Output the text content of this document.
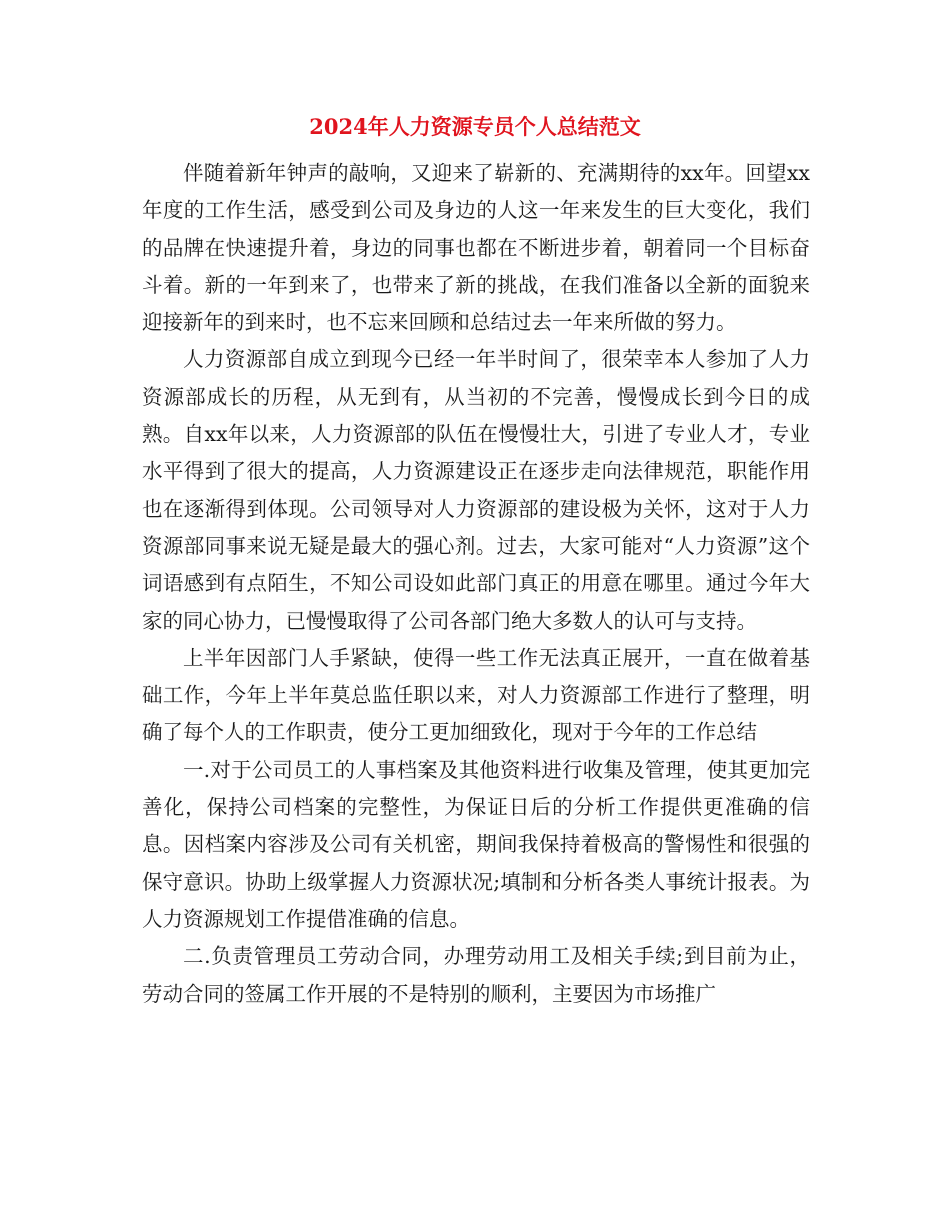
2024年人力资源专员个人总结范文

伴随着新年钟声的敲响，又迎来了崭新的、充满期待的xx年。回望xx年度的工作生活，感受到公司及身边的人这一年来发生的巨大变化，我们的品牌在快速提升着，身边的同事也都在不断进步着，朝着同一个目标奋斗着。新的一年到来了，也带来了新的挑战，在我们准备以全新的面貌来迎接新年的到来时，也不忘来回顾和总结过去一年来所做的努力。

人力资源部自成立到现今已经一年半时间了，很荣幸本人参加了人力资源部成长的历程，从无到有，从当初的不完善，慢慢成长到今日的成熟。自xx年以来，人力资源部的队伍在慢慢壮大，引进了专业人才，专业水平得到了很大的提高，人力资源建设正在逐步走向法律规范，职能作用也在逐渐得到体现。公司领导对人力资源部的建设极为关怀，这对于人力资源部同事来说无疑是最大的强心剂。过去，大家可能对“人力资源”这个词语感到有点陌生，不知公司设如此部门真正的用意在哪里。通过今年大家的同心协力，已慢慢取得了公司各部门绝大多数人的认可与支持。

上半年因部门人手紧缺，使得一些工作无法真正展开，一直在做着基础工作，今年上半年莫总监任职以来，对人力资源部工作进行了整理，明确了每个人的工作职责，使分工更加细致化，现对于今年的工作总结

一.对于公司员工的人事档案及其他资料进行收集及管理，使其更加完善化，保持公司档案的完整性，为保证日后的分析工作提供更准确的信息。因档案内容涉及公司有关机密，期间我保持着极高的警惕性和很强的保守意识。协助上级掌握人力资源状况;填制和分析各类人事统计报表。为人力资源规划工作提借准确的信息。

二.负责管理员工劳动合同，办理劳动用工及相关手续;到目前为止，劳动合同的签属工作开展的不是特别的顺利，主要因为市场推广
